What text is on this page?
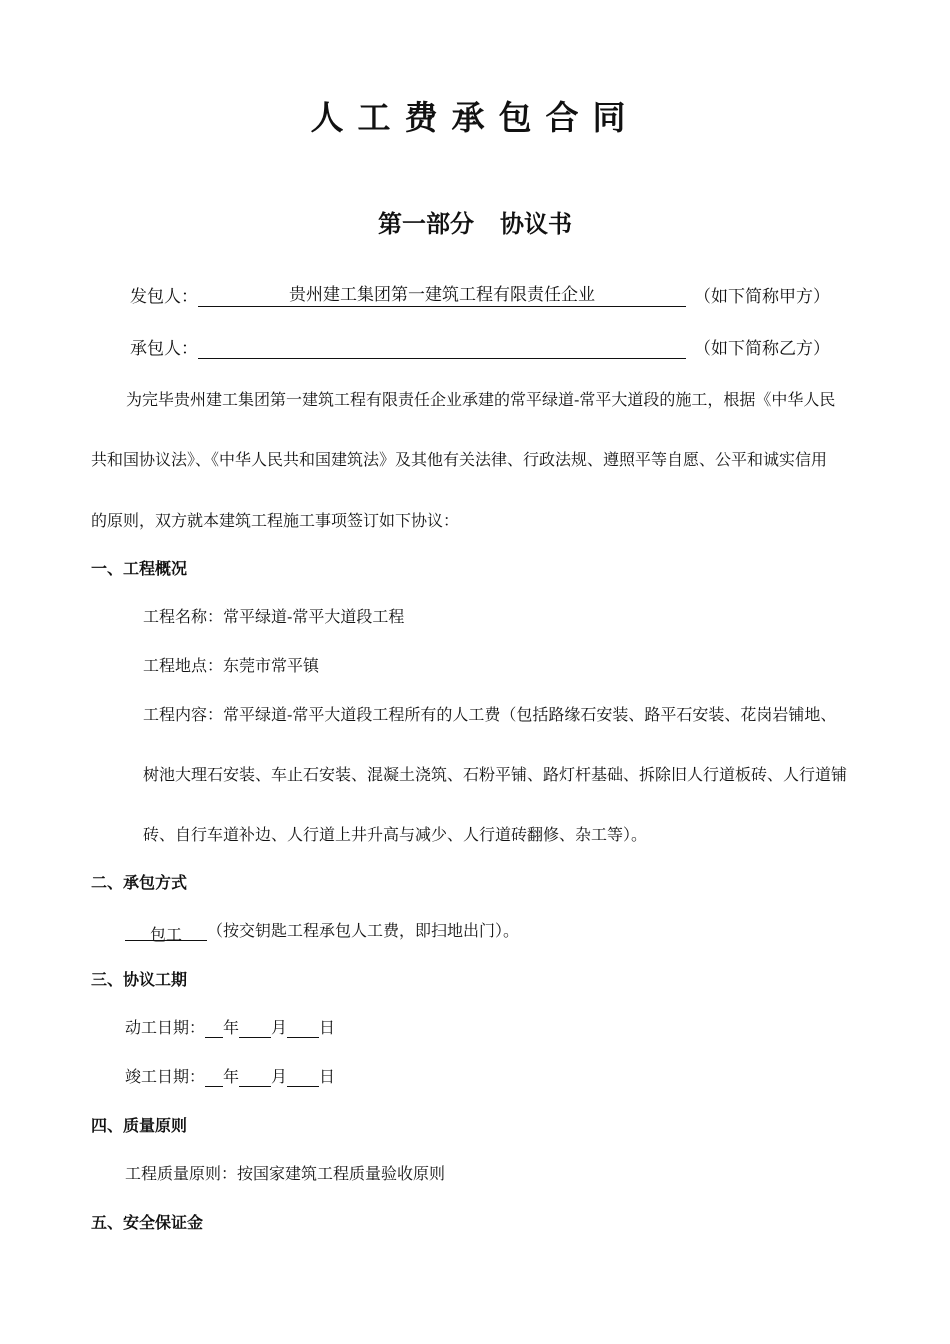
人工费承包合同
第一部分 协议书
发包人：	贵州建工集团第一建筑工程有限责任企业	（如下简称甲方）
承包人：	（如下简称乙方）
为完毕贵州建工集团第一建筑工程有限责任企业承建的常平绿道-常平大道段的施工，根据《中华人民
共和国协议法》、《中华人民共和国建筑法》及其他有关法律、行政法规、遵照平等自愿、公平和诚实信用
的原则，双方就本建筑工程施工事项签订如下协议：
一、工程概况
工程名称：常平绿道-常平大道段工程
工程地点：东莞市常平镇
工程内容：常平绿道-常平大道段工程所有的人工费（包括路缘石安装、路平石安装、花岗岩铺地、
树池大理石安装、车止石安装、混凝土浇筑、石粉平铺、路灯杆基础、拆除旧人行道板砖、人行道铺
砖、自行车道补边、人行道上井升高与减少、人行道砖翻修、杂工等）。
二、承包方式
包工 （按交钥匙工程承包人工费，即扫地出门）。
三、协议工期
动工日期： 年 月 日
竣工日期： 年 月 日
四、质量原则
工程质量原则：按国家建筑工程质量验收原则
五、安全保证金
